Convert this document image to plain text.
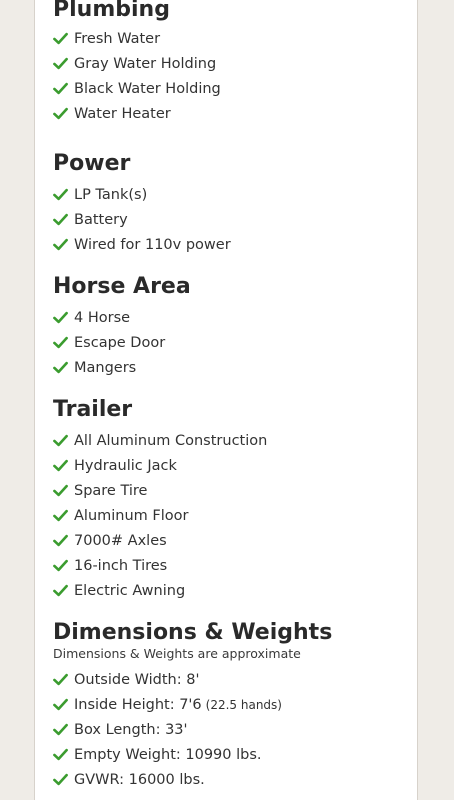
Plumbing
Fresh Water
Gray Water Holding
Black Water Holding
Water Heater
Power
LP Tank(s)
Battery
Wired for 110v power
Horse Area
4 Horse
Escape Door
Mangers
Trailer
All Aluminum Construction
Hydraulic Jack
Spare Tire
Aluminum Floor
7000# Axles
16-inch Tires
Electric Awning
Dimensions & Weights

Dimensions & Weights are approximate

Outside Width: 8'
Inside Height: 7'6 (22.5 hands)
Box Length: 33'
Empty Weight: 10990 lbs.
GVWR: 16000 lbs.
